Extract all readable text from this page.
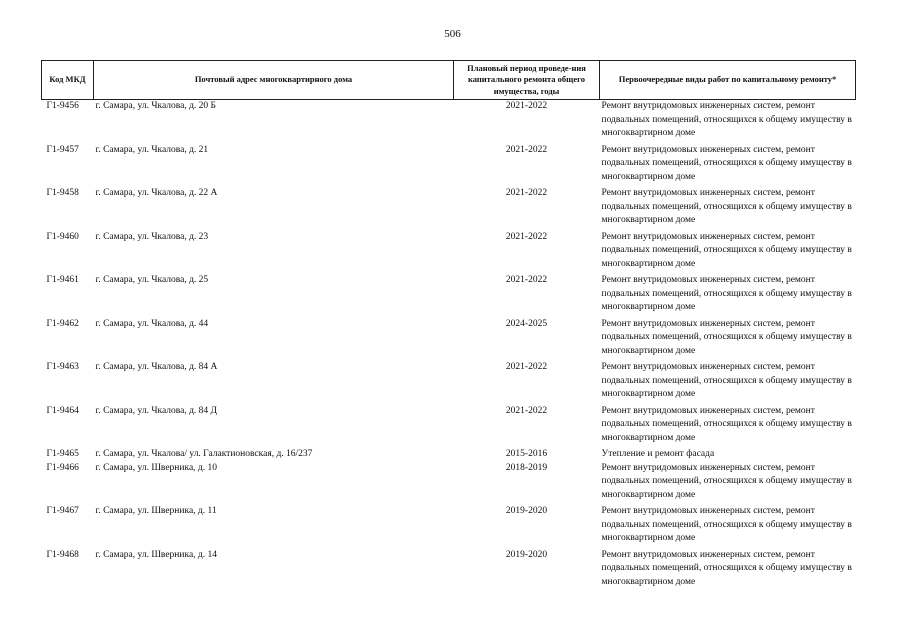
506
Код МКД	Почтовый адрес многоквартирного дома	Плановый период проведе-ния капитального ремонта общего имущества, годы	Первоочередные виды работ по капитальному ремонту*
Г1-9456	г. Самара, ул. Чкалова, д. 20 Б	2021-2022	Ремонт внутридомовых инженерных систем, ремонт подвальных помещений, относящихся к общему имуществу в многоквартирном доме
Г1-9457	г. Самара, ул. Чкалова, д. 21	2021-2022	Ремонт внутридомовых инженерных систем, ремонт подвальных помещений, относящихся к общему имуществу в многоквартирном доме
Г1-9458	г. Самара, ул. Чкалова, д. 22 А	2021-2022	Ремонт внутридомовых инженерных систем, ремонт подвальных помещений, относящихся к общему имуществу в многоквартирном доме
Г1-9460	г. Самара, ул. Чкалова, д. 23	2021-2022	Ремонт внутридомовых инженерных систем, ремонт подвальных помещений, относящихся к общему имуществу в многоквартирном доме
Г1-9461	г. Самара, ул. Чкалова, д. 25	2021-2022	Ремонт внутридомовых инженерных систем, ремонт подвальных помещений, относящихся к общему имуществу в многоквартирном доме
Г1-9462	г. Самара, ул. Чкалова, д. 44	2024-2025	Ремонт внутридомовых инженерных систем, ремонт подвальных помещений, относящихся к общему имуществу в многоквартирном доме
Г1-9463	г. Самара, ул. Чкалова, д. 84 А	2021-2022	Ремонт внутридомовых инженерных систем, ремонт подвальных помещений, относящихся к общему имуществу в многоквартирном доме
Г1-9464	г. Самара, ул. Чкалова, д. 84 Д	2021-2022	Ремонт внутридомовых инженерных систем, ремонт подвальных помещений, относящихся к общему имуществу в многоквартирном доме
Г1-9465	г. Самара, ул. Чкалова/ ул. Галактионовская, д. 16/237	2015-2016	Утепление и ремонт фасада
Г1-9466	г. Самара, ул. Шверника, д. 10	2018-2019	Ремонт внутридомовых инженерных систем, ремонт подвальных помещений, относящихся к общему имуществу в многоквартирном доме
Г1-9467	г. Самара, ул. Шверника, д. 11	2019-2020	Ремонт внутридомовых инженерных систем, ремонт подвальных помещений, относящихся к общему имуществу в многоквартирном доме
Г1-9468	г. Самара, ул. Шверника, д. 14	2019-2020	Ремонт внутридомовых инженерных систем, ремонт подвальных помещений, относящихся к общему имуществу в многоквартирном доме
